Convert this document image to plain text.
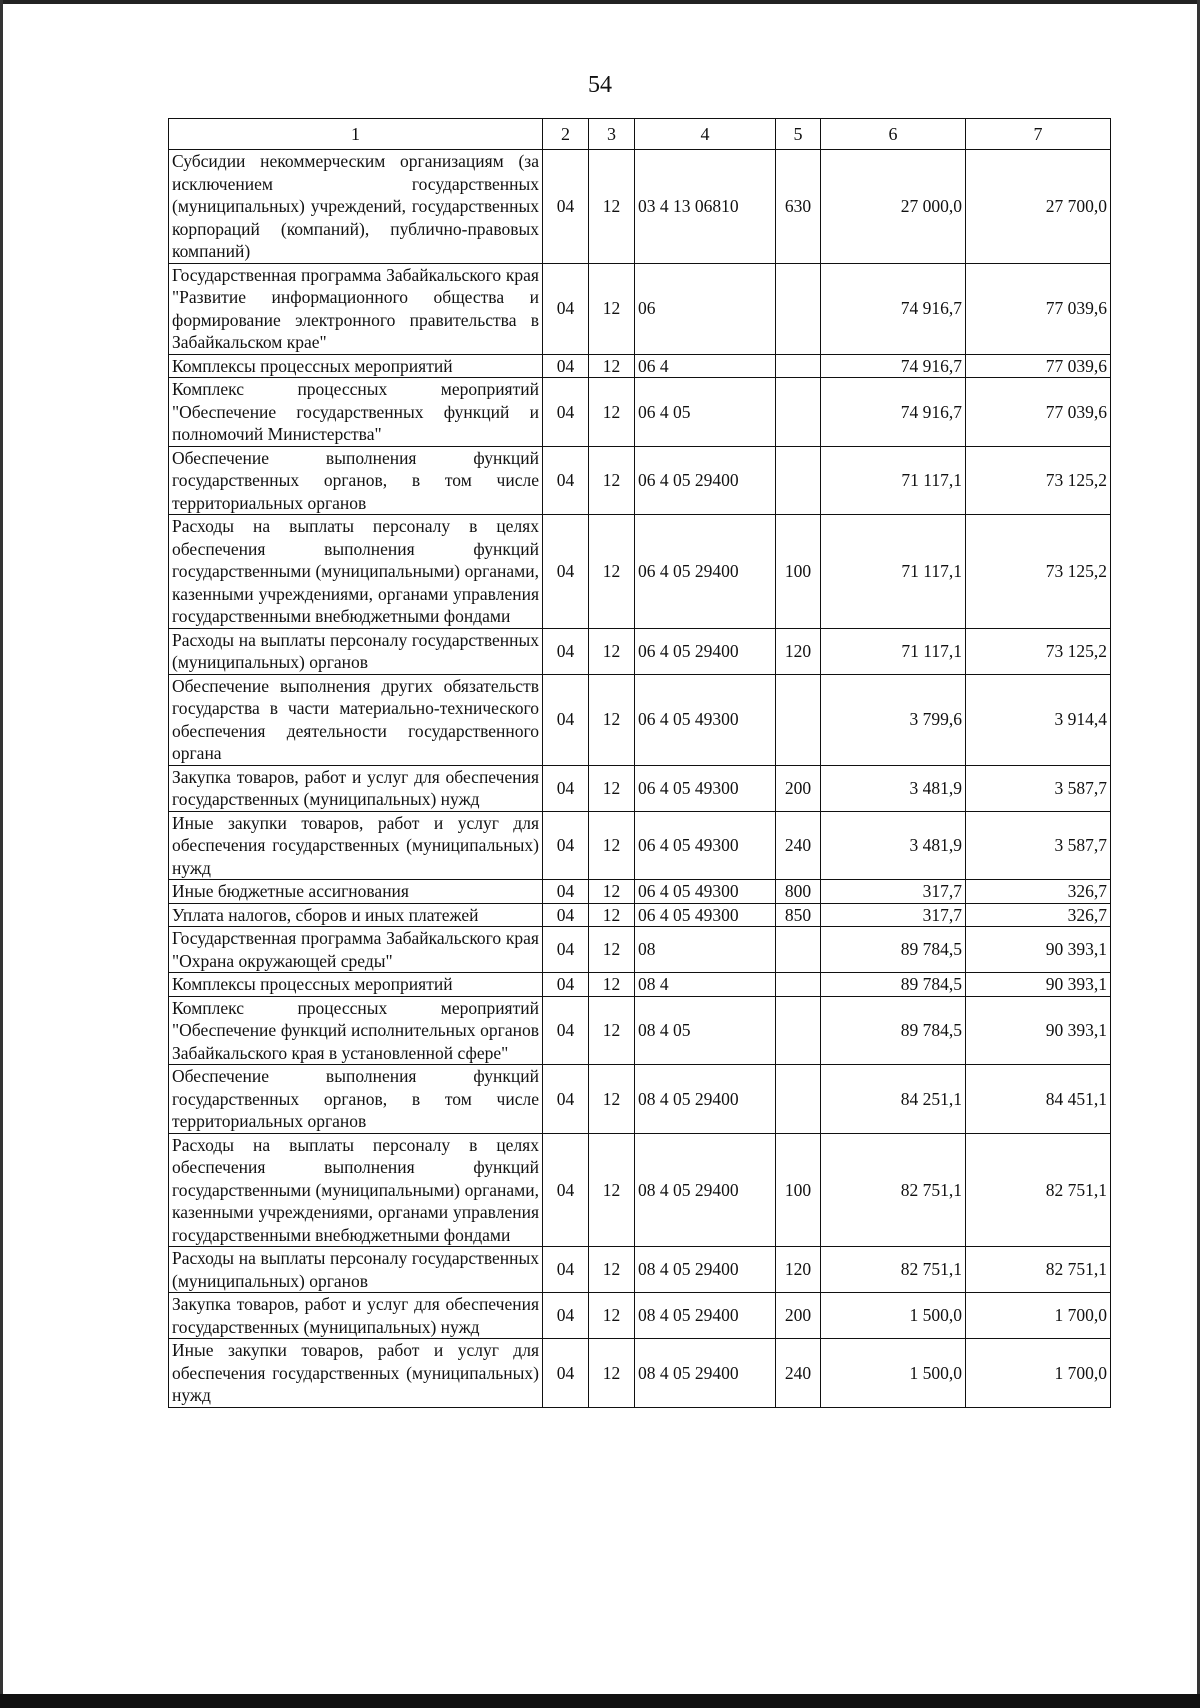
54
1	2	3	4	5	6	7
Субсидии некоммерческим организациям (за исключением государственных (муниципальных) учреждений, государственных корпораций (компаний), публично-правовых компаний)	04	12	03 4 13 06810	630	27 000,0	27 700,0
Государственная программа Забайкальского края "Развитие информационного общества и формирование электронного правительства в Забайкальском крае"	04	12	06		74 916,7	77 039,6
Комплексы процессных мероприятий	04	12	06 4		74 916,7	77 039,6
Комплекс процессных мероприятий "Обеспечение государственных функций и полномочий Министерства"	04	12	06 4 05		74 916,7	77 039,6
Обеспечение выполнения функций государственных органов, в том числе территориальных органов	04	12	06 4 05 29400		71 117,1	73 125,2
Расходы на выплаты персоналу в целях обеспечения выполнения функций государственными (муниципальными) органами, казенными учреждениями, органами управления государственными внебюджетными фондами	04	12	06 4 05 29400	100	71 117,1	73 125,2
Расходы на выплаты персоналу государственных (муниципальных) органов	04	12	06 4 05 29400	120	71 117,1	73 125,2
Обеспечение выполнения других обязательств государства в части материально-технического обеспечения деятельности государственного органа	04	12	06 4 05 49300		3 799,6	3 914,4
Закупка товаров, работ и услуг для обеспечения государственных (муниципальных) нужд	04	12	06 4 05 49300	200	3 481,9	3 587,7
Иные закупки товаров, работ и услуг для обеспечения государственных (муниципальных) нужд	04	12	06 4 05 49300	240	3 481,9	3 587,7
Иные бюджетные ассигнования	04	12	06 4 05 49300	800	317,7	326,7
Уплата налогов, сборов и иных платежей	04	12	06 4 05 49300	850	317,7	326,7
Государственная программа Забайкальского края "Охрана окружающей среды"	04	12	08		89 784,5	90 393,1
Комплексы процессных мероприятий	04	12	08 4		89 784,5	90 393,1
Комплекс процессных мероприятий "Обеспечение функций исполнительных органов Забайкальского края в установленной сфере"	04	12	08 4 05		89 784,5	90 393,1
Обеспечение выполнения функций государственных органов, в том числе территориальных органов	04	12	08 4 05 29400		84 251,1	84 451,1
Расходы на выплаты персоналу в целях обеспечения выполнения функций государственными (муниципальными) органами, казенными учреждениями, органами управления государственными внебюджетными фондами	04	12	08 4 05 29400	100	82 751,1	82 751,1
Расходы на выплаты персоналу государственных (муниципальных) органов	04	12	08 4 05 29400	120	82 751,1	82 751,1
Закупка товаров, работ и услуг для обеспечения государственных (муниципальных) нужд	04	12	08 4 05 29400	200	1 500,0	1 700,0
Иные закупки товаров, работ и услуг для обеспечения государственных (муниципальных) нужд	04	12	08 4 05 29400	240	1 500,0	1 700,0
